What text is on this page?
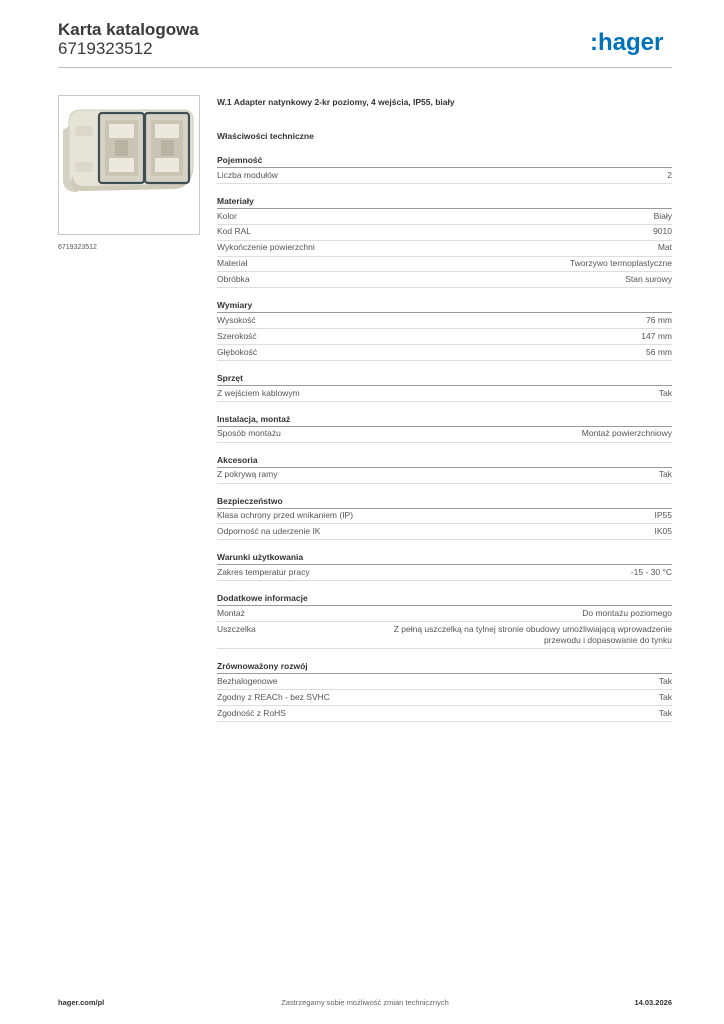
Karta katalogowa
6719323512	:hager
6719323512
W.1 Adapter natynkowy 2-kr poziomy, 4 wejścia, IP55, biały
Właściwości techniczne
Pojemność
Liczba modułów	2
Materiały
Kolor	Biały
Kod RAL	9010
Wykończenie powierzchni	Mat
Materiał	Tworzywo termoplastyczne
Obróbka	Stan surowy
Wymiary
Wysokość	76 mm
Szerokość	147 mm
Głębokość	56 mm
Sprzęt
Z wejściem kablowym	Tak
Instalacja, montaż
Sposób montażu	Montaż powierzchniowy
Akcesoria
Z pokrywą ramy	Tak
Bezpieczeństwo
Klasa ochrony przed wnikaniem (IP)	IP55
Odporność na uderzenie IK	IK05
Warunki użytkowania
Zakres temperatur pracy	-15 - 30 °C
Dodatkowe informacje
Montaż	Do montażu poziomego
Uszczelka	Z pełną uszczelką na tylnej stronie obudowy umożliwiającą wprowadzenie przewodu i dopasowanie do tynku
Zrównoważony rozwój
Bezhalogenowe	Tak
Zgodny z REACh - bez SVHC	Tak
Zgodność z RoHS	Tak
Zastrzegamy sobie możliwość zmian technicznych
hager.com/pl	14.03.2026
